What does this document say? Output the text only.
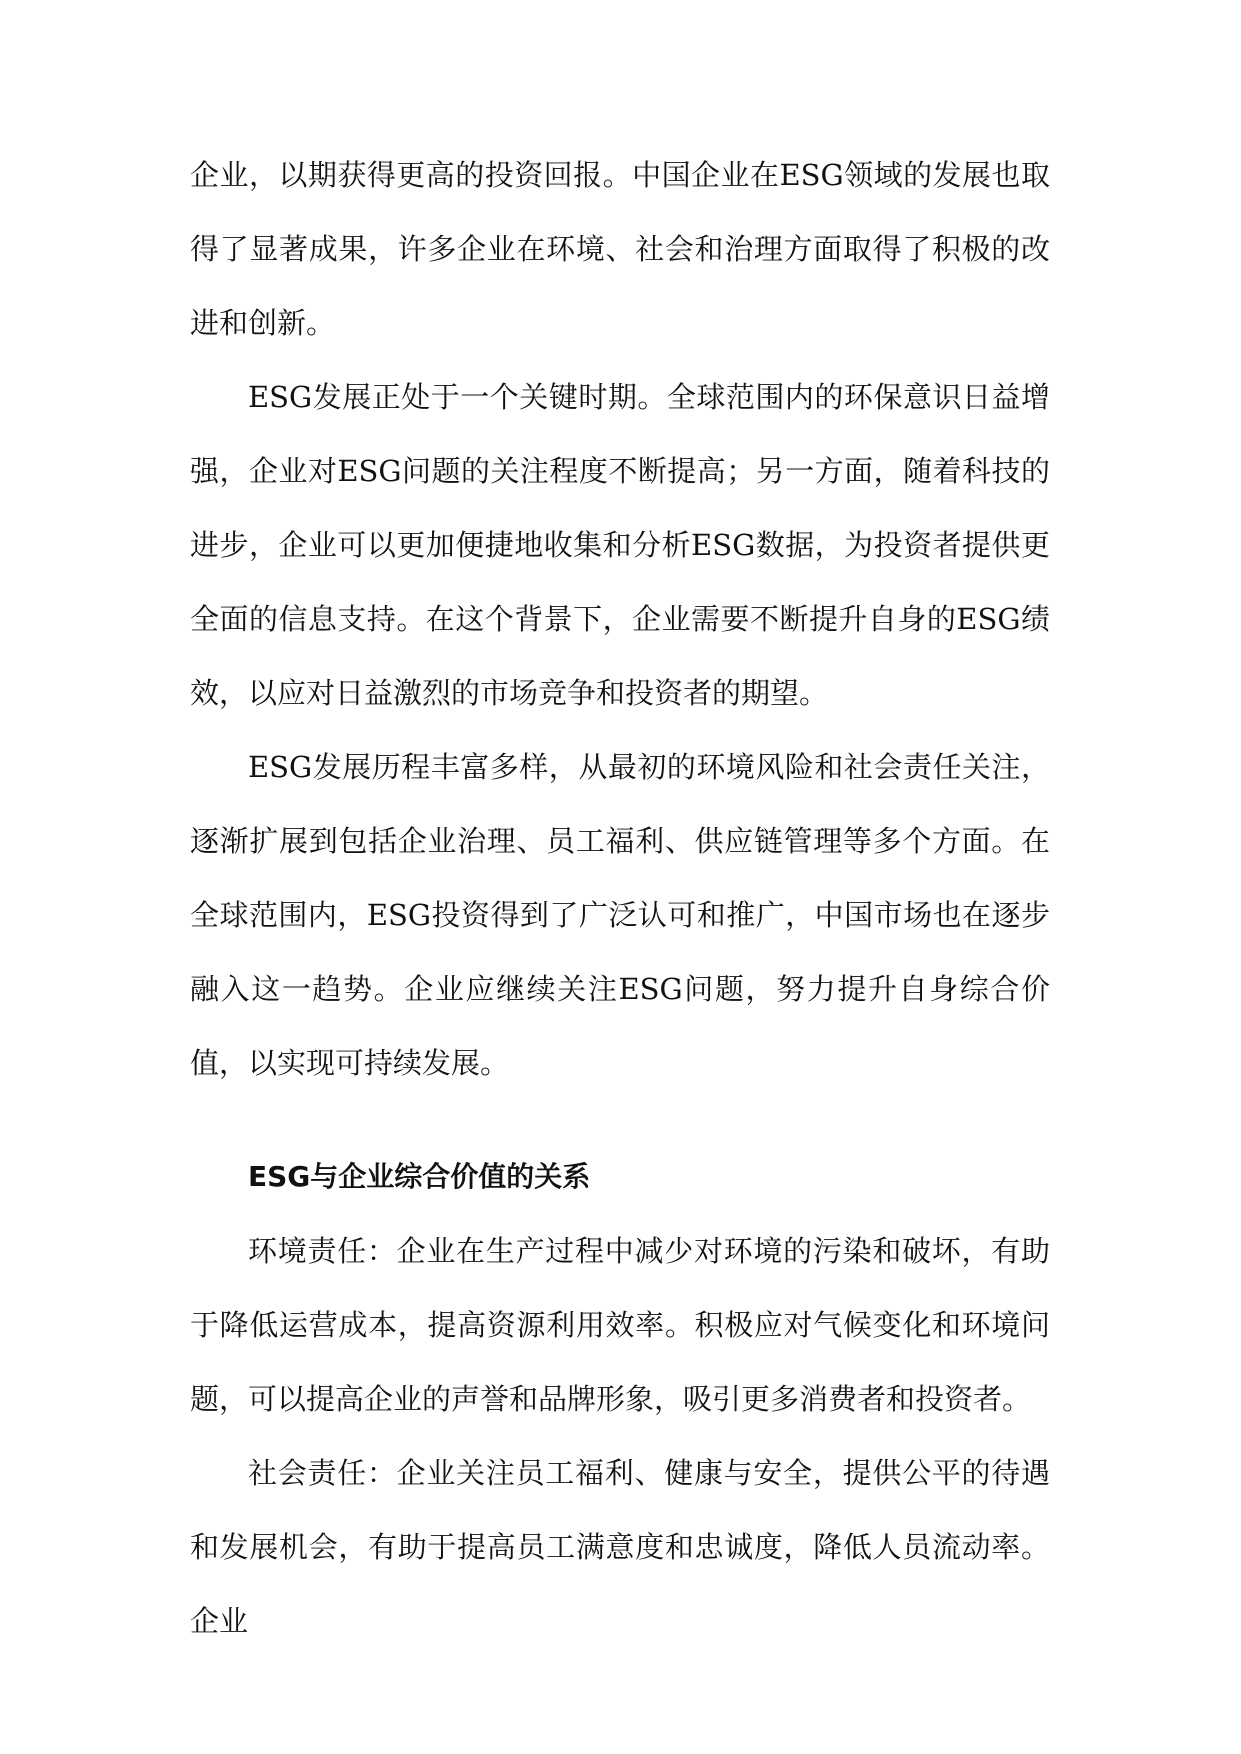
企业，以期获得更高的投资回报。中国企业在ESG领域的发展也取得了显著成果，许多企业在环境、社会和治理方面取得了积极的改进和创新。

ESG发展正处于一个关键时期。全球范围内的环保意识日益增强，企业对ESG问题的关注程度不断提高；另一方面，随着科技的进步，企业可以更加便捷地收集和分析ESG数据，为投资者提供更全面的信息支持。在这个背景下，企业需要不断提升自身的ESG绩效，以应对日益激烈的市场竞争和投资者的期望。

ESG发展历程丰富多样，从最初的环境风险和社会责任关注，逐渐扩展到包括企业治理、员工福利、供应链管理等多个方面。在全球范围内，ESG投资得到了广泛认可和推广，中国市场也在逐步融入这一趋势。企业应继续关注ESG问题，努力提升自身综合价值，以实现可持续发展。

ESG与企业综合价值的关系

环境责任：企业在生产过程中减少对环境的污染和破坏，有助于降低运营成本，提高资源利用效率。积极应对气候变化和环境问题，可以提高企业的声誉和品牌形象，吸引更多消费者和投资者。

社会责任：企业关注员工福利、健康与安全，提供公平的待遇和发展机会，有助于提高员工满意度和忠诚度，降低人员流动率。企业
